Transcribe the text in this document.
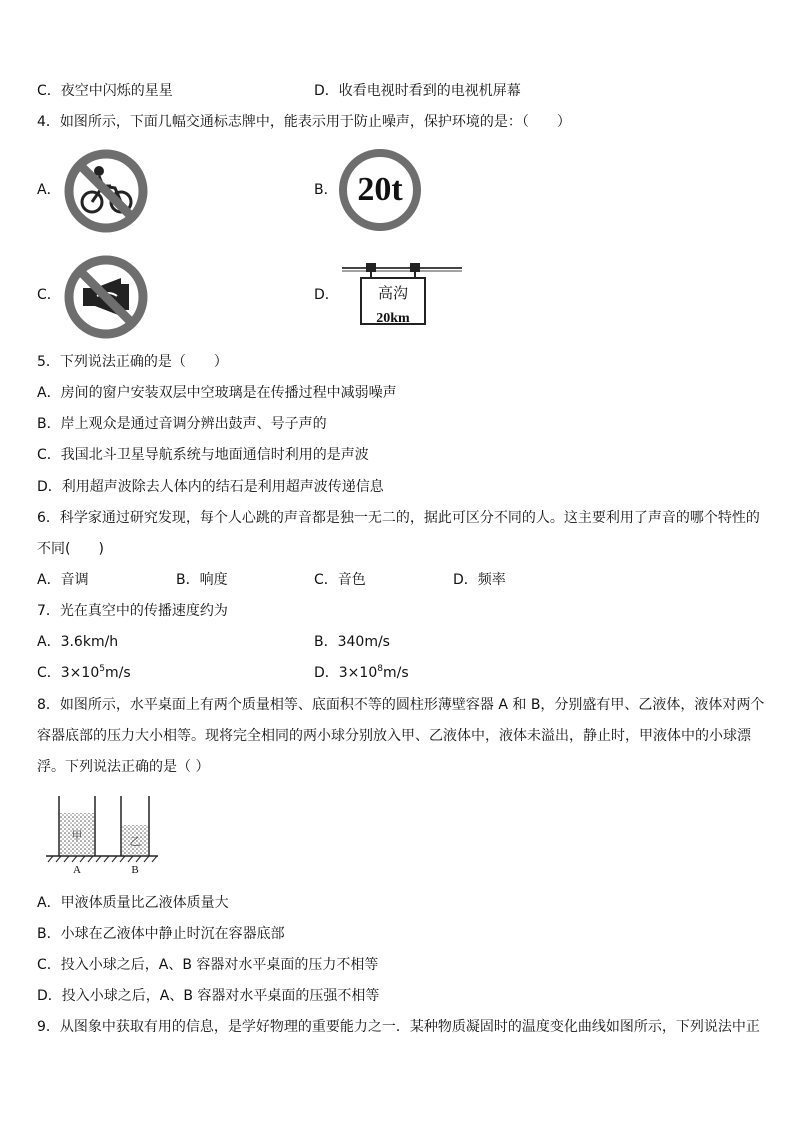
C．夜空中闪烁的星星	D．收看电视时看到的电视机屏幕
4．如图所示，下面几幅交通标志牌中，能表示用于防止噪声，保护环境的是：（　　）
A．	B． 20t
C．	D．	高沟
20km
5．下列说法正确的是（　　）
A．房间的窗户安装双层中空玻璃是在传播过程中减弱噪声
B．岸上观众是通过音调分辨出鼓声、号子声的
C．我国北斗卫星导航系统与地面通信时利用的是声波
D．利用超声波除去人体内的结石是利用超声波传递信息
6．科学家通过研究发现，每个人心跳的声音都是独一无二的，据此可区分不同的人。这主要利用了声音的哪个特性的
不同(　　)
A．音调	B．响度	C．音色	D．频率
7．光在真空中的传播速度约为
A．3.6km/h	B．340m/s
C．$3\times 10^5m/s$	D．$3\times 10^8m/s$
8．如图所示，水平桌面上有两个质量相等、底面积不等的圆柱形薄壁容器 A 和 B，分别盛有甲、乙液体，液体对两个
容器底部的压力大小相等。现将完全相同的两小球分别放入甲、乙液体中，液体未溢出，静止时，甲液体中的小球漂
浮。下列说法正确的是（ ）
甲	乙
A	B
A．甲液体质量比乙液体质量大
B．小球在乙液体中静止时沉在容器底部
C．投入小球之后，A、B 容器对水平桌面的压力不相等
D．投入小球之后，A、B 容器对水平桌面的压强不相等
9．从图象中获取有用的信息，是学好物理的重要能力之一．某种物质凝固时的温度变化曲线如图所示，下列说法中正
